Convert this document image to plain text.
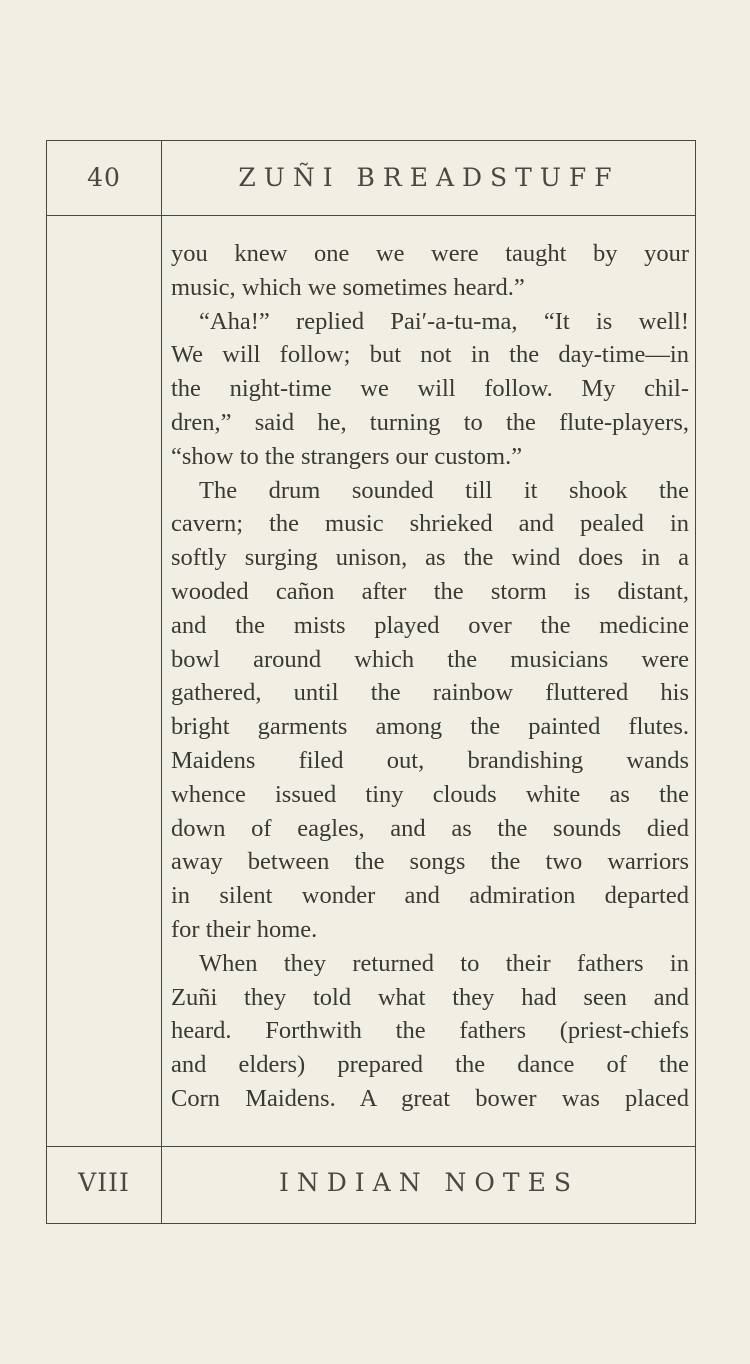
40	ZUÑI BREADSTUFF
you knew one we were taught by your
music, which we sometimes heard.”
“Aha!” replied Pai′-a-tu-ma, “It is well!
We will follow; but not in the day-time—in
the night-time we will follow. My chil-
dren,” said he, turning to the flute-players,
“show to the strangers our custom.”
The drum sounded till it shook the
cavern; the music shrieked and pealed in
softly surging unison, as the wind does in a
wooded cañon after the storm is distant,
and the mists played over the medicine
bowl around which the musicians were
gathered, until the rainbow fluttered his
bright garments among the painted flutes.
Maidens filed out, brandishing wands
whence issued tiny clouds white as the
down of eagles, and as the sounds died
away between the songs the two warriors
in silent wonder and admiration departed
for their home.
When they returned to their fathers in
Zuñi they told what they had seen and
heard. Forthwith the fathers (priest-chiefs
and elders) prepared the dance of the
Corn Maidens. A great bower was placed
VIII	INDIAN NOTES
